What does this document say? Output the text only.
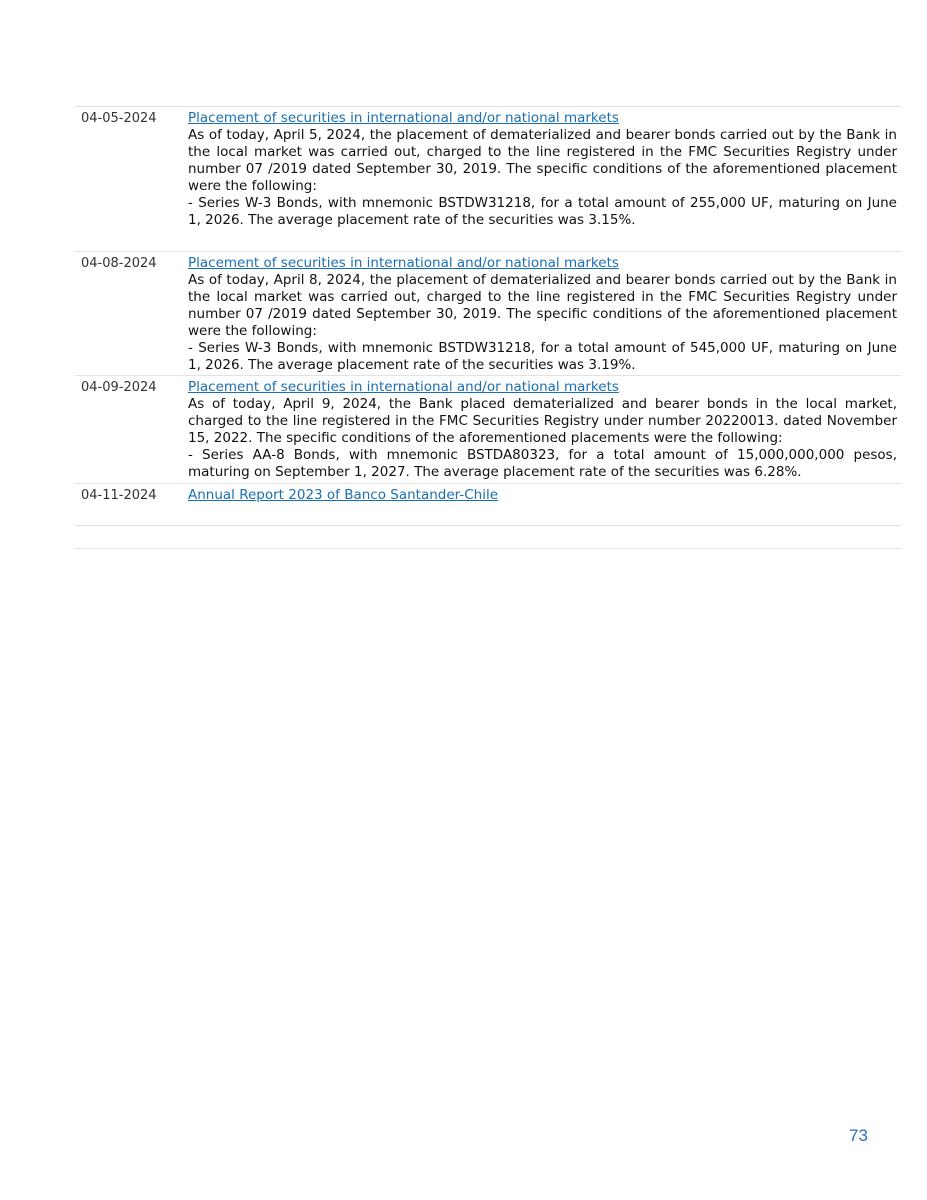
04-05-2024	Placement of securities in international and/or national markets

As of today, April 5, 2024, the placement of dematerialized and bearer bonds carried out by the Bank in the local market was carried out, charged to the line registered in the FMC Securities Registry under number 07 /2019 dated September 30, 2019. The specific conditions of the aforementioned placement were the following:

- Series W-3 Bonds, with mnemonic BSTDW31218, for a total amount of 255,000 UF, maturing on June 1, 2026. The average placement rate of the securities was 3.15%.

04-08-2024	Placement of securities in international and/or national markets

As of today, April 8, 2024, the placement of dematerialized and bearer bonds carried out by the Bank in the local market was carried out, charged to the line registered in the FMC Securities Registry under number 07 /2019 dated September 30, 2019. The specific conditions of the aforementioned placement were the following:

- Series W-3 Bonds, with mnemonic BSTDW31218, for a total amount of 545,000 UF, maturing on June 1, 2026. The average placement rate of the securities was 3.19%.

04-09-2024	Placement of securities in international and/or national markets

As of today, April 9, 2024, the Bank placed dematerialized and bearer bonds in the local market, charged to the line registered in the FMC Securities Registry under number 20220013. dated November 15, 2022. The specific conditions of the aforementioned placements were the following:

- Series AA-8 Bonds, with mnemonic BSTDA80323, for a total amount of 15,000,000,000 pesos, maturing on September 1, 2027. The average placement rate of the securities was 6.28%.

04-11-2024	Annual Report 2023 of Banco Santander-Chile
73
